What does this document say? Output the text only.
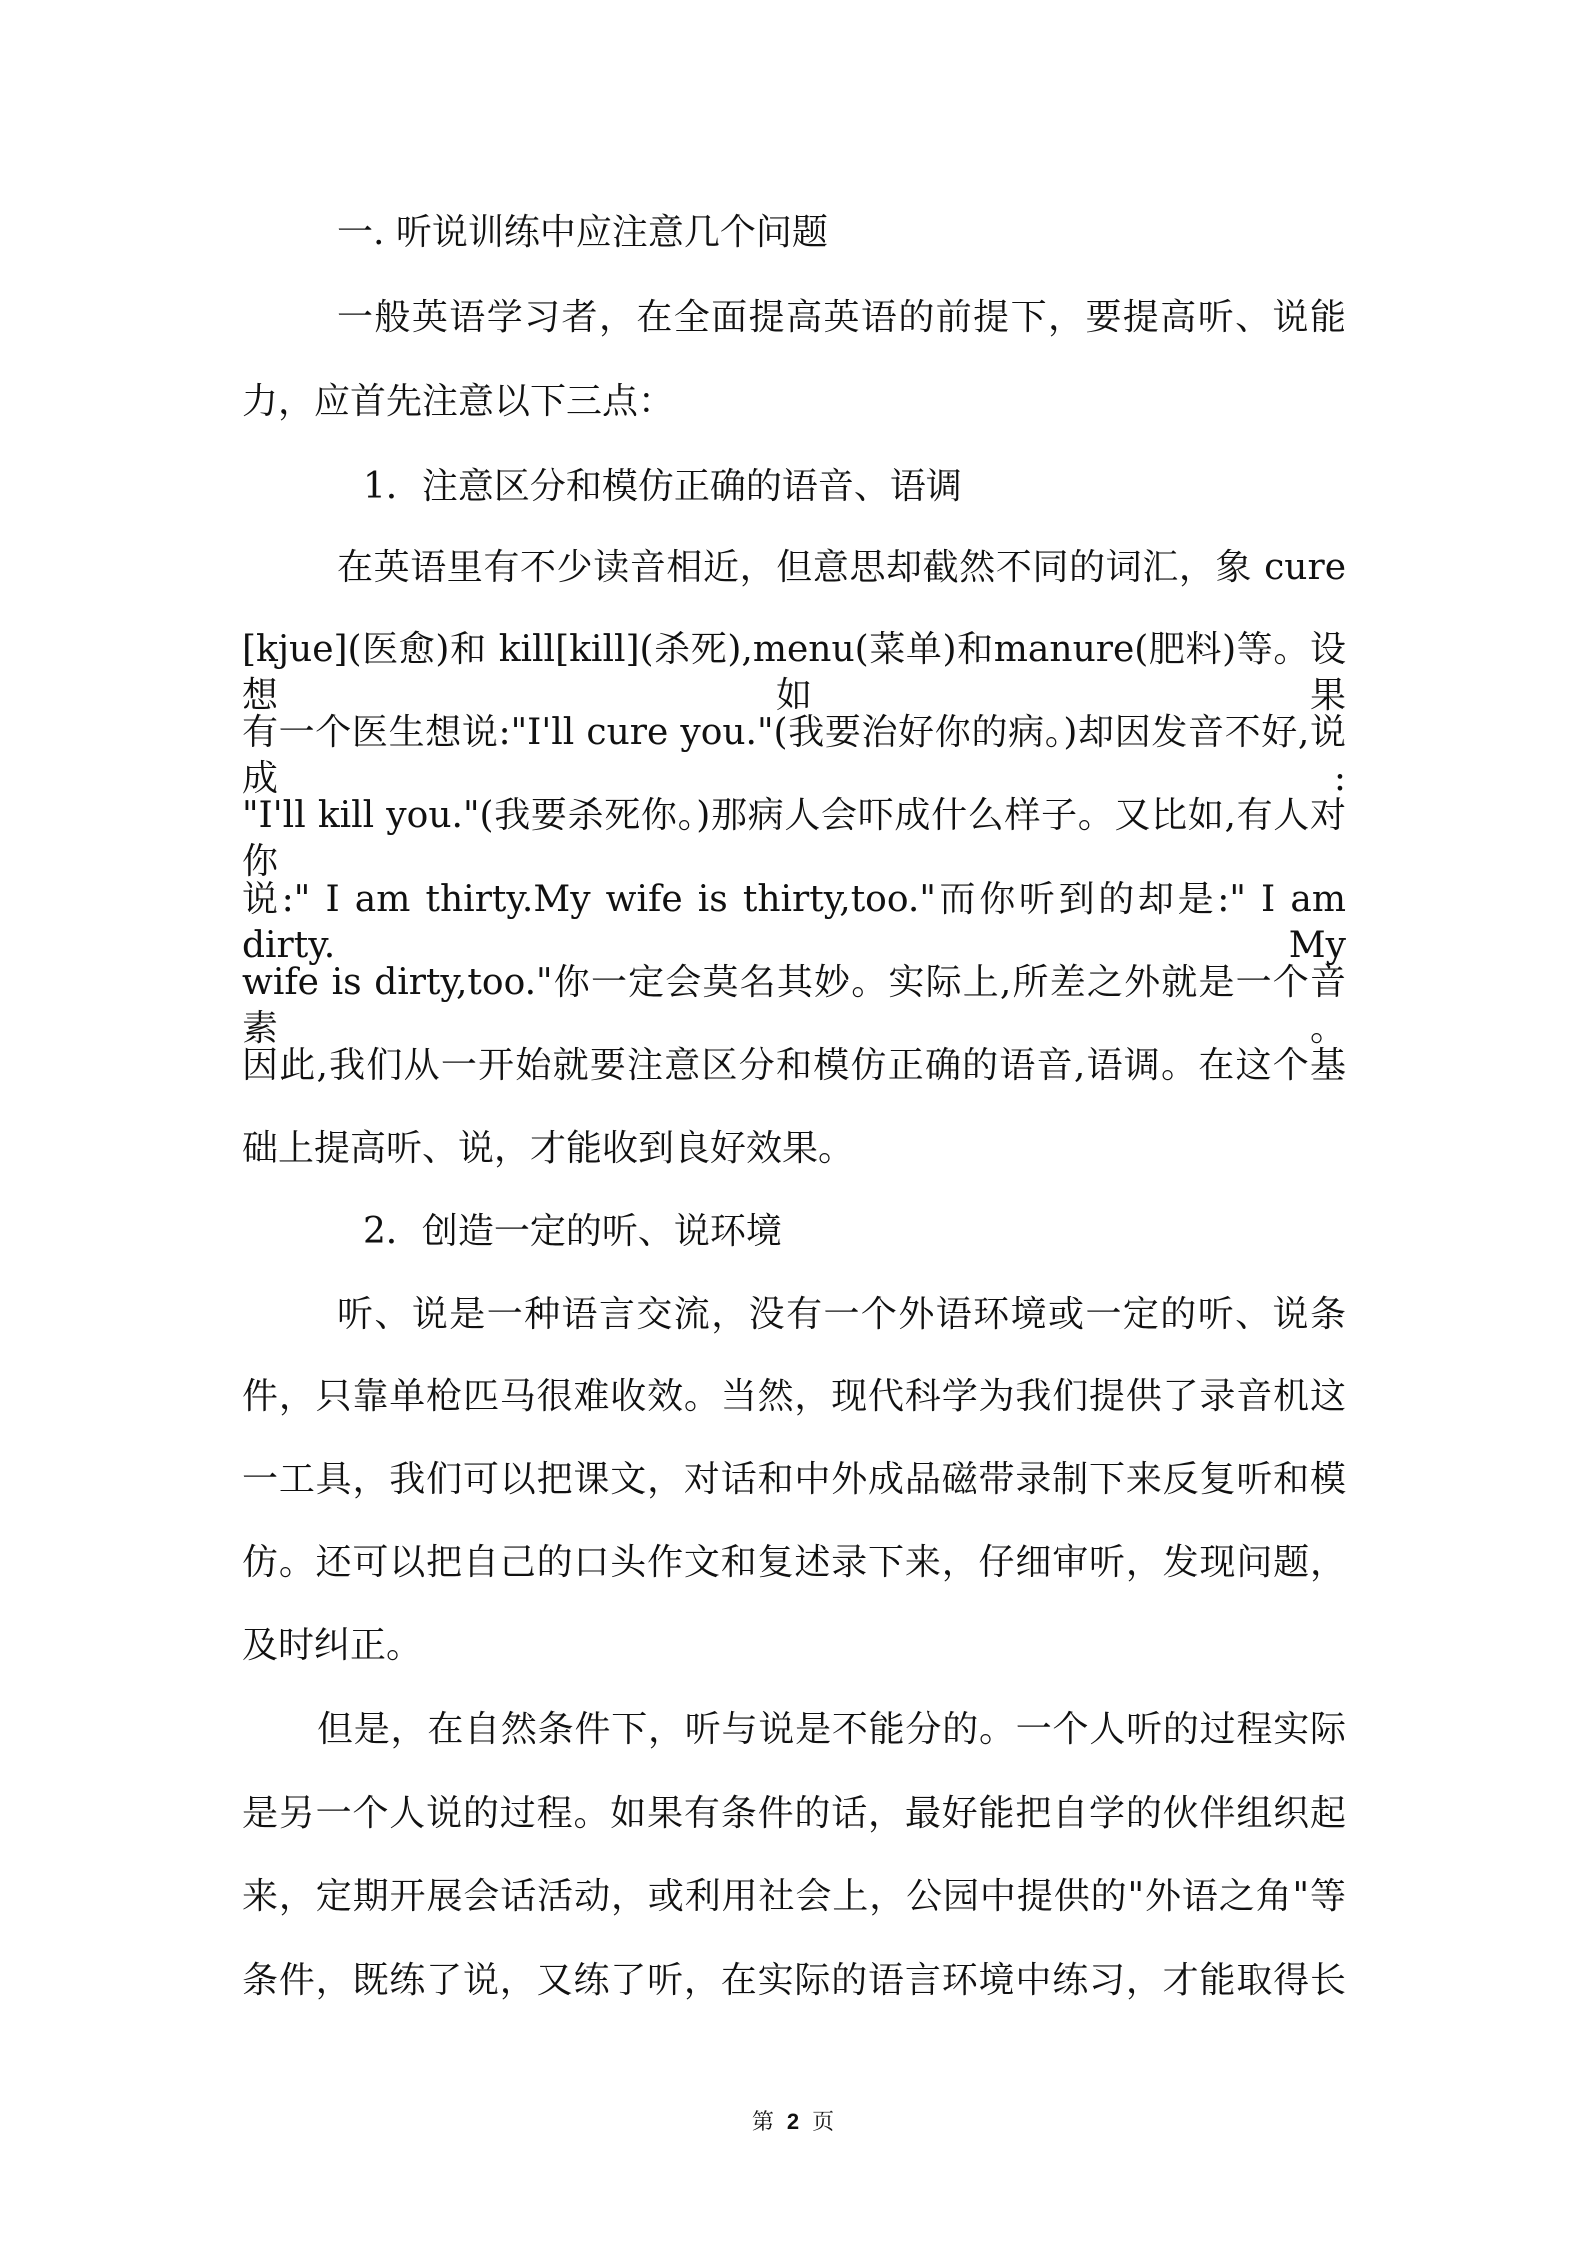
一. 听说训练中应注意几个问题
一般英语学习者，在全面提高英语的前提下，要提高听、说能
力，应首先注意以下三点：
1．注意区分和模仿正确的语音、语调
在英语里有不少读音相近，但意思却截然不同的词汇，象 cure
[kjue](医愈)和 kill[kill](杀死),menu(菜单)和manure(肥料)等。设想如果
有一个医生想说:"I'll cure you."(我要治好你的病。)却因发音不好,说成:
"I'll kill you."(我要杀死你。)那病人会吓成什么样子。又比如,有人对你
说:" I am thirty.My wife is thirty,too."而你听到的却是:" I am dirty. My
wife is dirty,too."你一定会莫名其妙。实际上,所差之外就是一个音素。
因此,我们从一开始就要注意区分和模仿正确的语音,语调。在这个基
础上提高听、说，才能收到良好效果。
2．创造一定的听、说环境
听、说是一种语言交流，没有一个外语环境或一定的听、说条
件，只靠单枪匹马很难收效。当然，现代科学为我们提供了录音机这
一工具，我们可以把课文，对话和中外成品磁带录制下来反复听和模
仿。还可以把自己的口头作文和复述录下来，仔细审听，发现问题，
及时纠正。
但是，在自然条件下，听与说是不能分的。一个人听的过程实际
是另一个人说的过程。如果有条件的话，最好能把自学的伙伴组织起
来，定期开展会话活动，或利用社会上，公园中提供的"外语之角"等
条件，既练了说，又练了听，在实际的语言环境中练习，才能取得长
第 2 页
